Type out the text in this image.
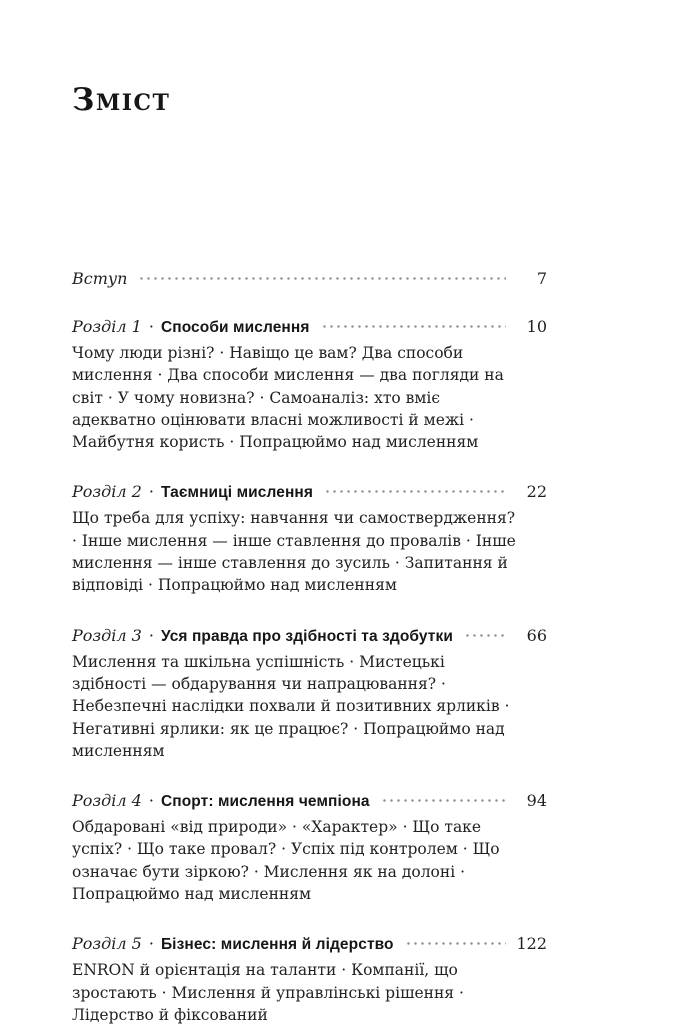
Зміст
Вступ	7
Розділ 1 · Способи мислення	10

Чому люди різні? · Навіщо це вам? Два способи мислення · Два способи мислення — два погляди на світ · У чому новизна? · Самоаналіз: хто вміє адекватно оцінювати власні можливості й межі · Майбутня користь · Попрацюймо над мисленням

Розділ 2 · Таємниці мислення	22

Що треба для успіху: навчання чи самоствердження? · Інше мислення — інше ставлення до провалів · Інше мислення — інше ставлення до зусиль · Запитання й відповіді · Попрацюймо над мисленням

Розділ 3 · Уся правда про здібності та здобутки	66

Мислення та шкільна успішність · Мистецькі здібності — обдарування чи напрацювання? · Небезпечні наслідки похвали й позитивних ярликів · Негативні ярлики: як це працює? · Попрацюймо над мисленням

Розділ 4 · Спорт: мислення чемпіона	94

Обдаровані «від природи» · «Характер» · Що таке успіх? · Що таке провал? · Успіх під контролем · Що означає бути зіркою? · Мислення як на долоні · Попрацюймо над мисленням

Розділ 5 · Бізнес: мислення й лідерство	122

ENRON й орієнтація на таланти · Компанії, що зростають · Мислення й управлінські рішення · Лідерство й фіксований
